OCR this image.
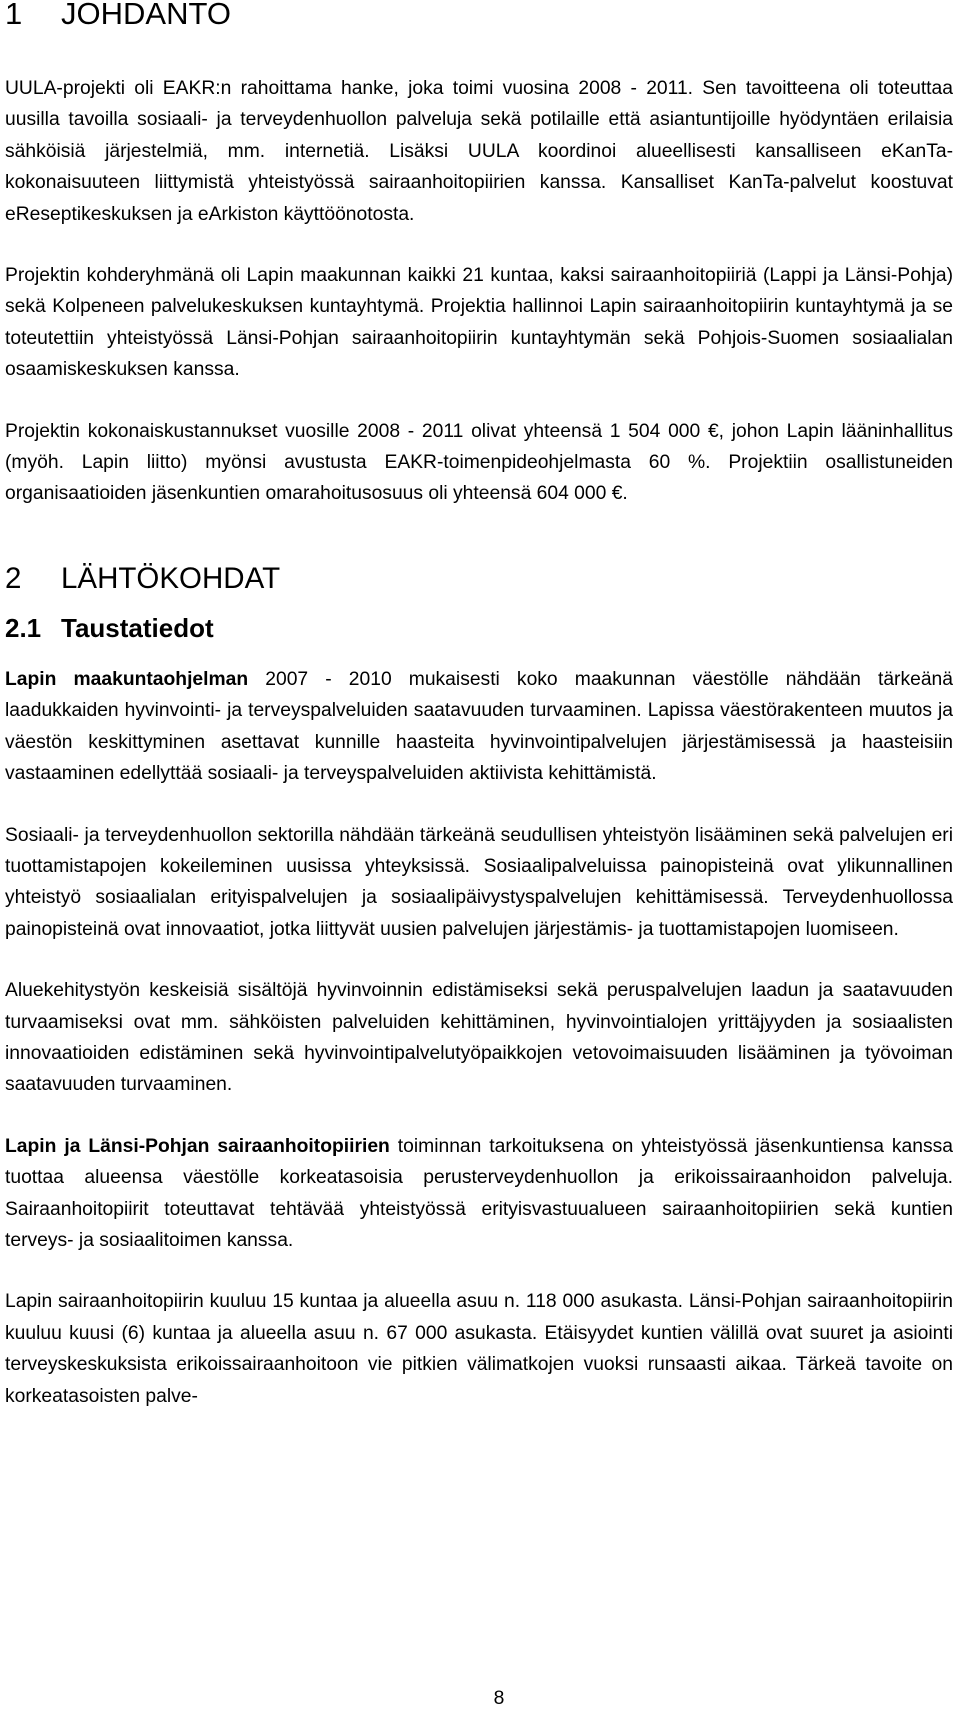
1 JOHDANTO

UULA-projekti oli EAKR:n rahoittama hanke, joka toimi vuosina 2008 - 2011. Sen tavoitteena oli toteuttaa uusilla tavoilla sosiaali- ja terveydenhuollon palveluja sekä potilaille että asiantuntijoille hyödyntäen erilaisia sähköisiä järjestelmiä, mm. internetiä. Lisäksi UULA koordinoi alueellisesti kansalliseen eKanTa-kokonaisuuteen liittymistä yhteistyössä sairaanhoitopiirien kanssa. Kansalliset KanTa-palvelut koostuvat eReseptikeskuksen ja eArkiston käyttöönotosta.

Projektin kohderyhmänä oli Lapin maakunnan kaikki 21 kuntaa, kaksi sairaanhoitopiiriä (Lappi ja Länsi-Pohja) sekä Kolpeneen palvelukeskuksen kuntayhtymä. Projektia hallinnoi Lapin sairaanhoitopiirin kuntayhtymä ja se toteutettiin yhteistyössä Länsi-Pohjan sairaanhoitopiirin kuntayhtymän sekä Pohjois-Suomen sosiaalialan osaamiskeskuksen kanssa.

Projektin kokonaiskustannukset vuosille 2008 - 2011 olivat yhteensä 1 504 000 €, johon Lapin lääninhallitus (myöh. Lapin liitto) myönsi avustusta EAKR-toimenpideohjelmasta 60 %. Projektiin osallistuneiden organisaatioiden jäsenkuntien omarahoitusosuus oli yhteensä 604 000 €.

2 LÄHTÖKOHDAT
2.1 Taustatiedot

Lapin maakuntaohjelman 2007 - 2010 mukaisesti koko maakunnan väestölle nähdään tärkeänä laadukkaiden hyvinvointi- ja terveyspalveluiden saatavuuden turvaaminen. Lapissa väestörakenteen muutos ja väestön keskittyminen asettavat kunnille haasteita hyvinvointipalvelujen järjestämisessä ja haasteisiin vastaaminen edellyttää sosiaali- ja terveyspalveluiden aktiivista kehittämistä.

Sosiaali- ja terveydenhuollon sektorilla nähdään tärkeänä seudullisen yhteistyön lisääminen sekä palvelujen eri tuottamistapojen kokeileminen uusissa yhteyksissä. Sosiaalipalveluissa painopisteinä ovat ylikunnallinen yhteistyö sosiaalialan erityispalvelujen ja sosiaalipäivystyspalvelujen kehittämisessä. Terveydenhuollossa painopisteinä ovat innovaatiot, jotka liittyvät uusien palvelujen järjestämis- ja tuottamistapojen luomiseen.

Aluekehitystyön keskeisiä sisältöjä hyvinvoinnin edistämiseksi sekä peruspalvelujen laadun ja saatavuuden turvaamiseksi ovat mm. sähköisten palveluiden kehittäminen, hyvinvointialojen yrittäjyyden ja sosiaalisten innovaatioiden edistäminen sekä hyvinvointipalvelutyöpaikkojen vetovoimaisuuden lisääminen ja työvoiman saatavuuden turvaaminen.

Lapin ja Länsi-Pohjan sairaanhoitopiirien toiminnan tarkoituksena on yhteistyössä jäsenkuntiensa kanssa tuottaa alueensa väestölle korkeatasoisia perusterveydenhuollon ja erikoissairaanhoidon palveluja. Sairaanhoitopiirit toteuttavat tehtävää yhteistyössä erityisvastuualueen sairaanhoitopiirien sekä kuntien terveys- ja sosiaalitoimen kanssa.

Lapin sairaanhoitopiirin kuuluu 15 kuntaa ja alueella asuu n. 118 000 asukasta. Länsi-Pohjan sairaanhoitopiirin kuuluu kuusi (6) kuntaa ja alueella asuu n. 67 000 asukasta. Etäisyydet kuntien välillä ovat suuret ja asiointi terveyskeskuksista erikoissairaanhoitoon vie pitkien välimatkojen vuoksi runsaasti aikaa. Tärkeä tavoite on korkeatasoisten palve-

8
